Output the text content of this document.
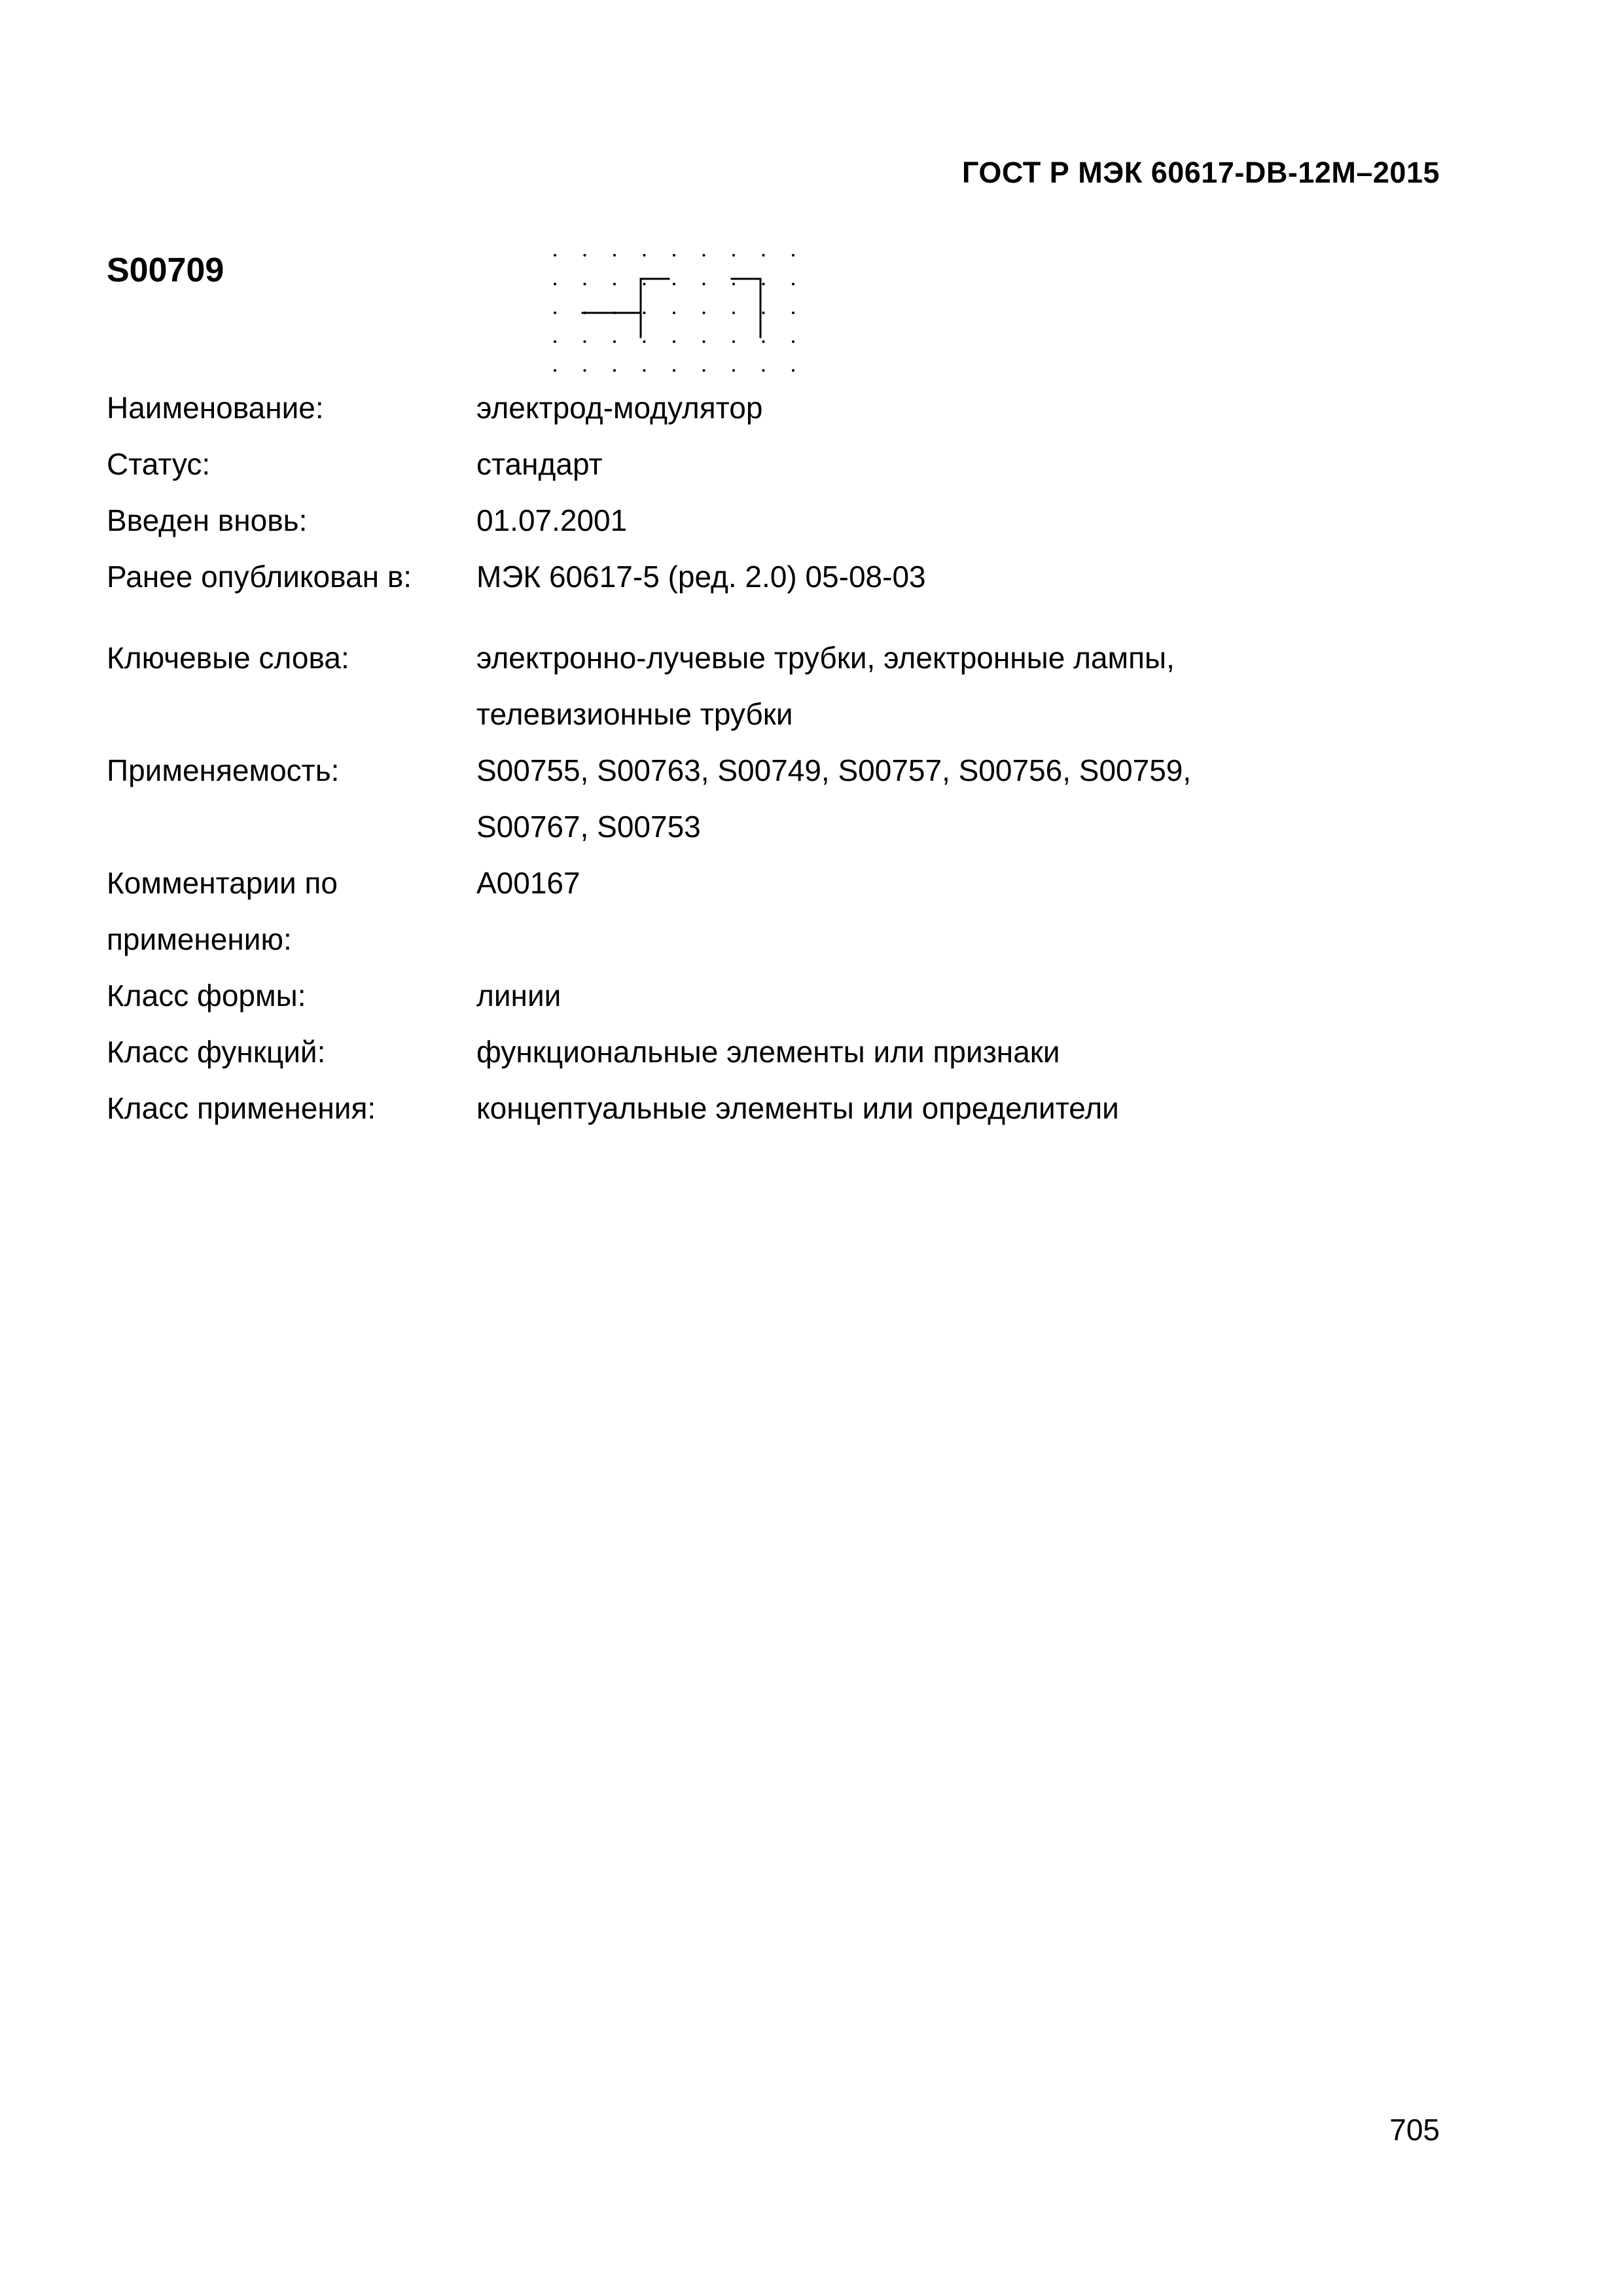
ГОСТ Р МЭК 60617-DB-12M–2015
S00709
Наименование:	электрод-модулятор
Статус:	стандарт
Введен вновь:	01.07.2001
Ранее опубликован в:	МЭК 60617-5 (ред. 2.0) 05-08-03
Ключевые слова:	электронно-лучевые трубки, электронные лампы,
телевизионные трубки
Применяемость:	S00755, S00763, S00749, S00757, S00756, S00759,
S00767, S00753
Комментарии по
применению:
A00167
Класс формы:	линии
Класс функций:	функциональные элементы или признаки
Класс применения:	концептуальные элементы или определители
705
